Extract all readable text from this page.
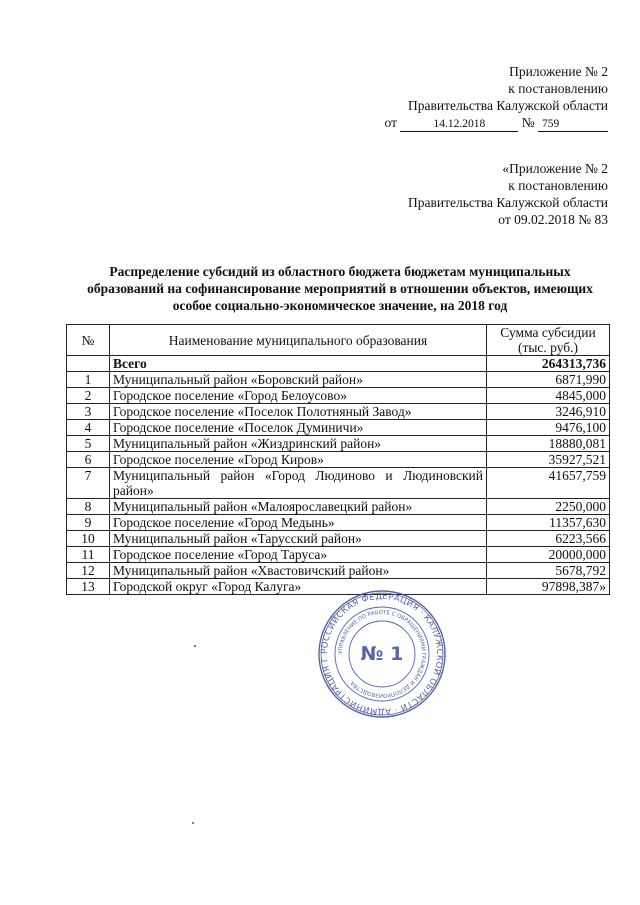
Приложение № 2
к постановлению
Правительства Калужской области
от	14.12.2018	№ 759
«Приложение № 2
к постановлению
Правительства Калужской области
от 09.02.2018 № 83
Распределение субсидий из областного бюджета бюджетам муниципальных
образований на софинансирование мероприятий в отношении объектов, имеющих
особое социально-экономическое значение, на 2018 год
№	Наименование муниципального образования	Сумма субсидии
(тыс. руб.)

	Всего	264313,736
1	Муниципальный район «Боровский район»	6871,990
2	Городское поселение «Город Белоусово»	4845,000
3	Городское поселение «Поселок Полотняный Завод»	3246,910
4	Городское поселение «Поселок Думиничи»	9476,100
5	Муниципальный район «Жиздринский район»	18880,081
6	Городское поселение «Город Киров»	35927,521
7	Муниципальный район «Город Людиново и Людиновский район»	41657,759
8	Муниципальный район «Малоярославецкий район»	2250,000
9	Городское поселение «Город Медынь»	11357,630
10	Муниципальный район «Тарусский район»	6223,566
11	Городское поселение «Город Таруса»	20000,000
12	Муниципальный район «Хвастовичский район»	5678,792
13	Городской округ «Город Калуга»	97898,387»
РОССИЙСКАЯ ФЕДЕРАЦИЯ · КАЛУЖСКОЙ ОБЛАСТИ · АДМИНИСТРАЦИЯ Г
УПРАВЛЕНИЕ ПО РАБОТЕ С ОБРАЩЕНИЯМИ ГРАЖДАН И ДЕЛОПРОИЗВОДСТВА
№ 1
